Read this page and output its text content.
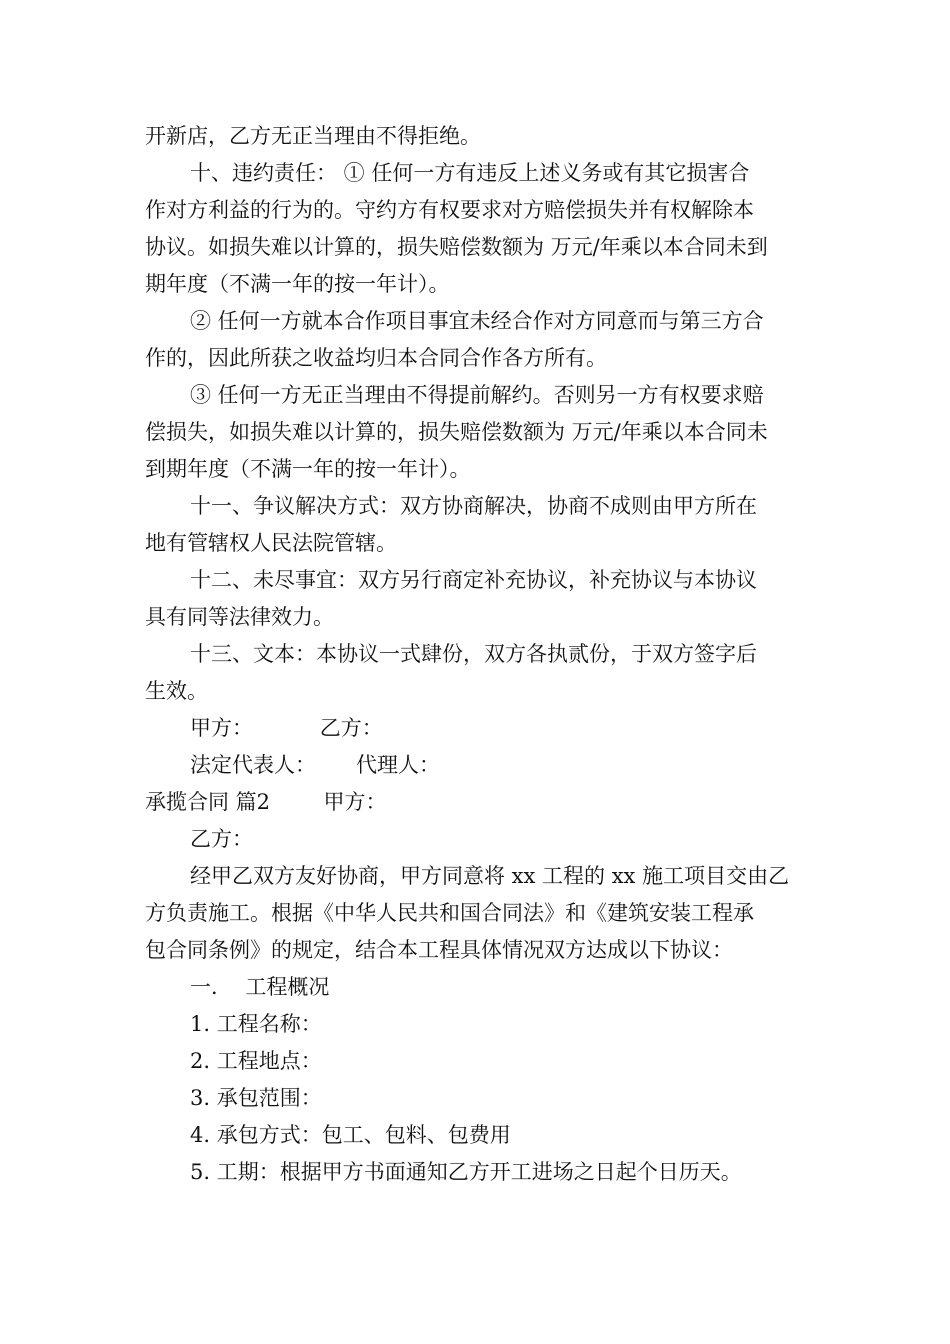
开新店，乙方无正当理由不得拒绝。

十、违约责任： ① 任何一方有违反上述义务或有其它损害合

作对方利益的行为的。守约方有权要求对方赔偿损失并有权解除本

协议。如损失难以计算的，损失赔偿数额为 万元/年乘以本合同未到

期年度（不满一年的按一年计）。

② 任何一方就本合作项目事宜未经合作对方同意而与第三方合

作的，因此所获之收益均归本合同合作各方所有。

③ 任何一方无正当理由不得提前解约。否则另一方有权要求赔

偿损失，如损失难以计算的，损失赔偿数额为 万元/年乘以本合同未

到期年度（不满一年的按一年计）。

十一、争议解决方式：双方协商解决，协商不成则由甲方所在

地有管辖权人民法院管辖。

十二、未尽事宜：双方另行商定补充协议，补充协议与本协议

具有同等法律效力。

十三、文本：本协议一式肆份，双方各执贰份，于双方签字后

生效。

甲方：          乙方：

法定代表人：      代理人：

承揽合同 篇2        甲方：

乙方：

经甲乙双方友好协商，甲方同意将 xx 工程的 xx 施工项目交由乙

方负责施工。根据《中华人民共和国合同法》和《建筑安装工程承

包合同条例》的规定，结合本工程具体情况双方达成以下协议：

一．  工程概况

1. 工程名称：

2. 工程地点：

3. 承包范围：

4. 承包方式：包工、包料、包费用

5. 工期：根据甲方书面通知乙方开工进场之日起个日历天。
